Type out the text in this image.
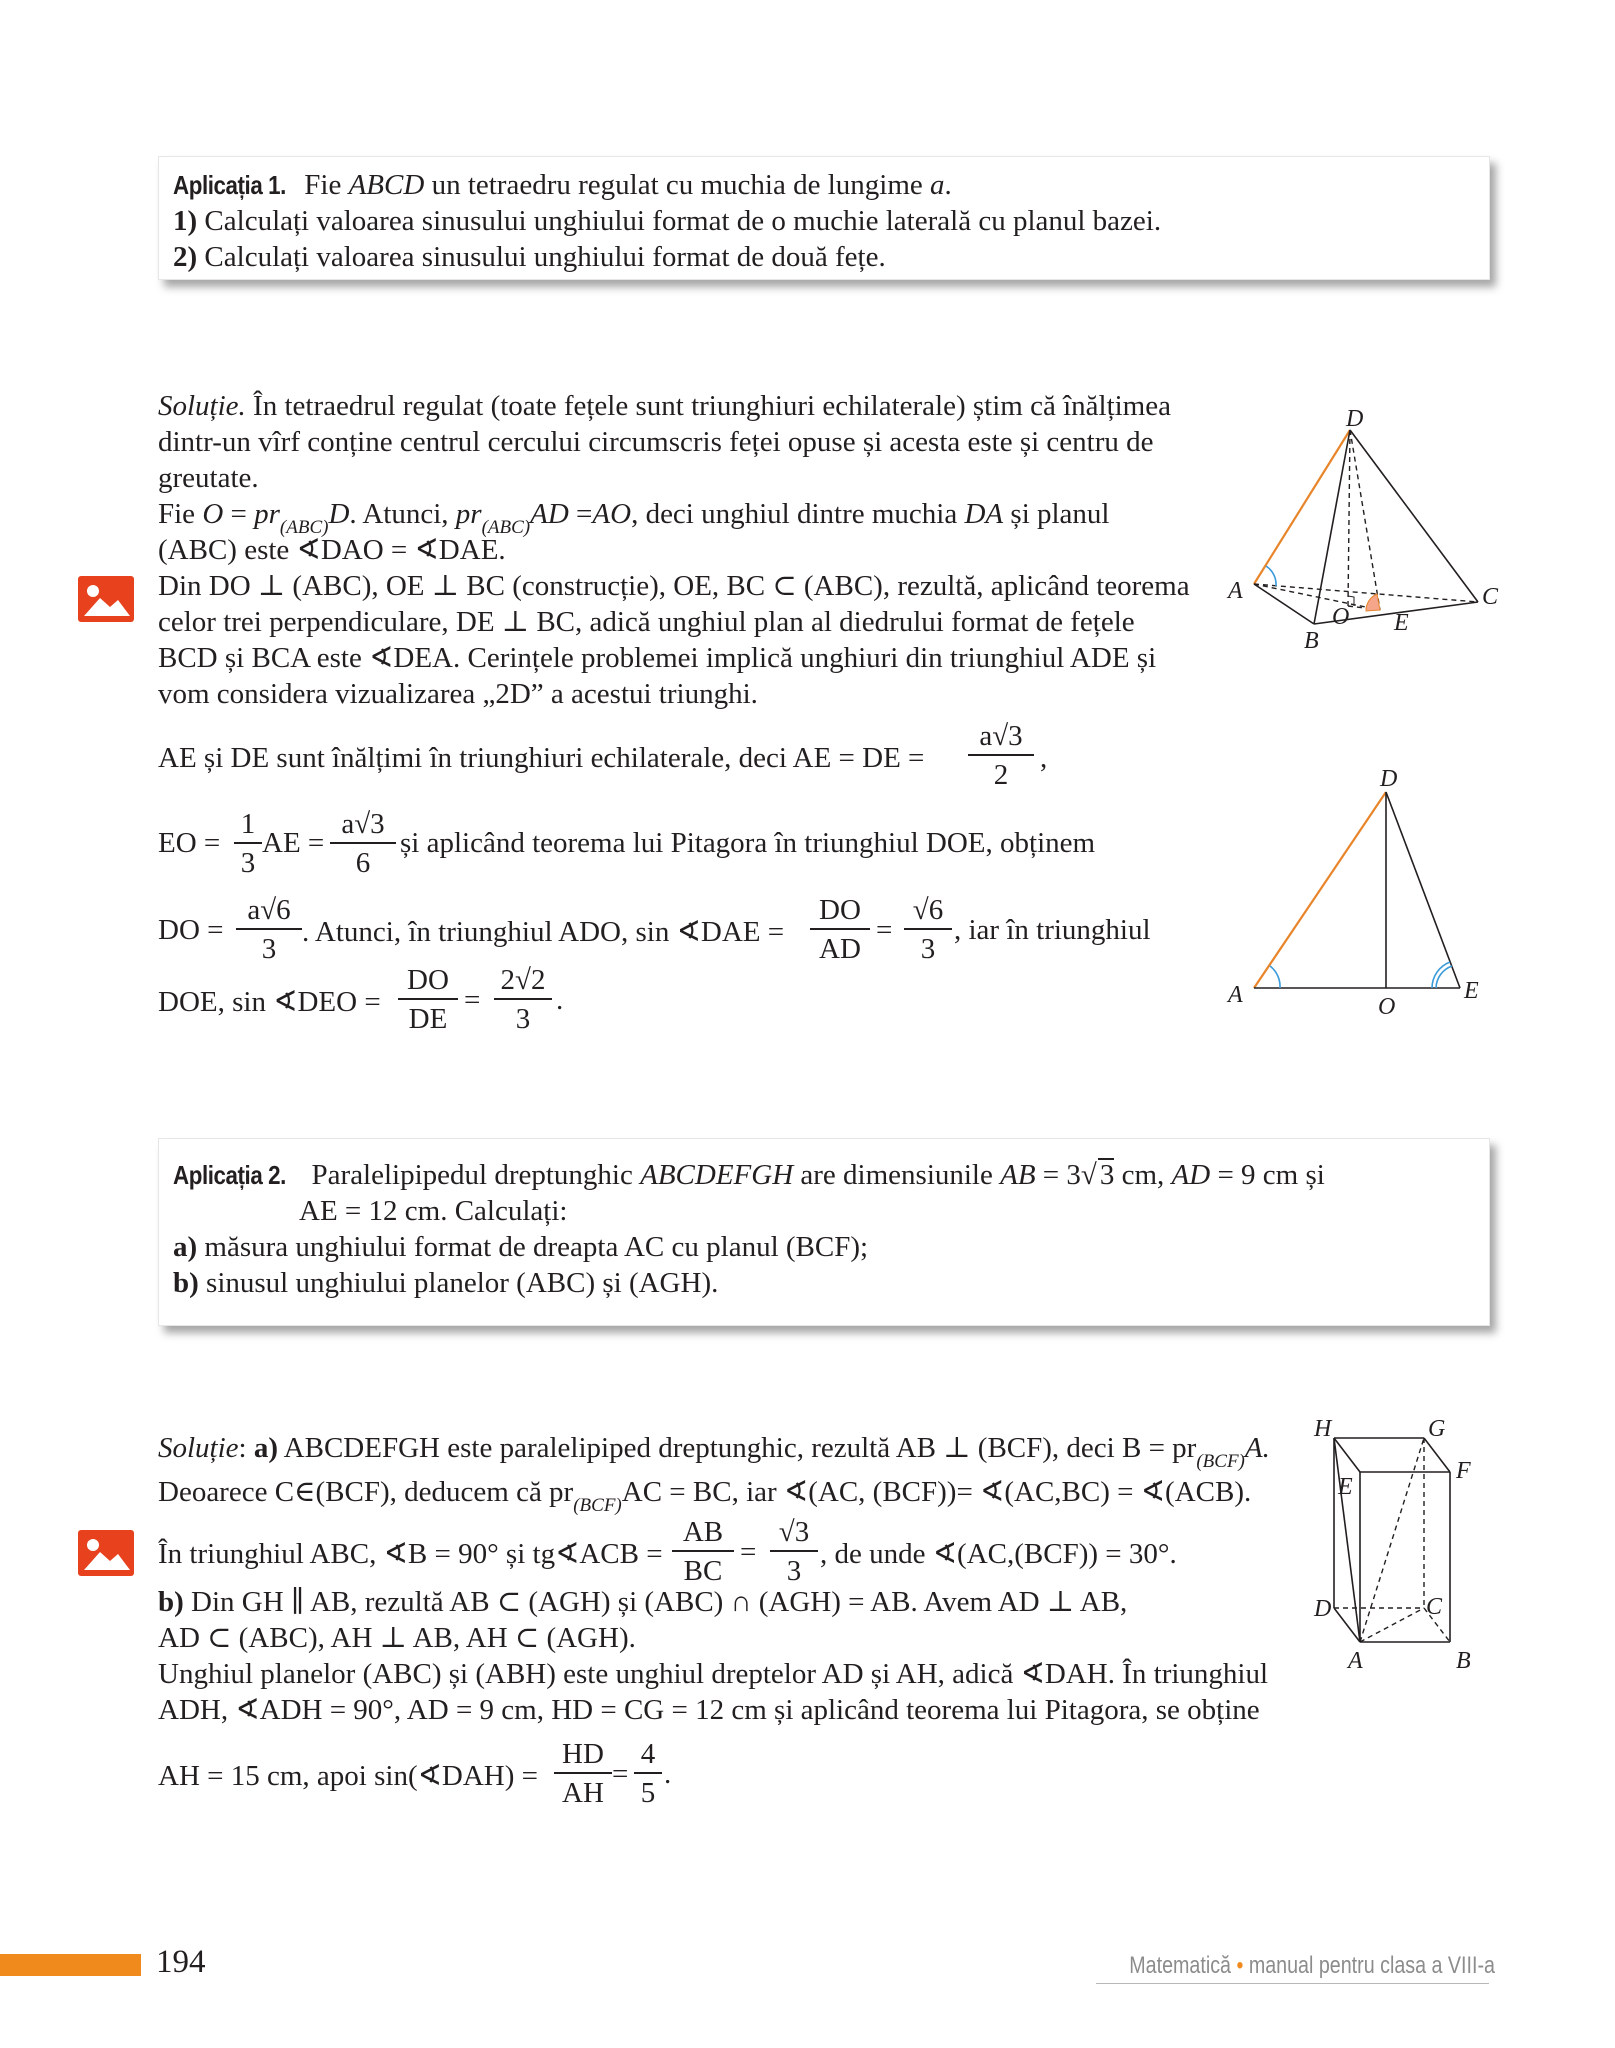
Aplicația 1. Fie ABCD un tetraedru regulat cu muchia de lungime a.
1) Calculați valoarea sinusului unghiului format de o muchie laterală cu planul bazei.
2) Calculați valoarea sinusului unghiului format de două fețe.
Soluție. În tetraedrul regulat (toate fețele sunt triunghiuri echilaterale) știm că înălțimea
dintr-un vîrf conține centrul cercului circumscris feței opuse și acesta este și centru de
greutate.
Fie $O = pr_{(ABC)}D$. Atunci, $pr_{(ABC)}AD =AO$, deci unghiul dintre muchia DA și planul
(ABC) este ∢DAO = ∢DAE.
Din DO ⊥ (ABC), OE ⊥ BC (construcție), OE, BC ⊂ (ABC), rezultă, aplicând teorema
celor trei perpendiculare, DE ⊥ BC, adică unghiul plan al diedrului format de fețele
BCD și BCA este ∢DEA. Cerințele problemei implică unghiuri din triunghiul ADE și
vom considera vizualizarea „2D” a acestui triunghi.
AE și DE sunt înălțimi în triunghiuri echilaterale, deci AE = DE = $\frac{a√3}{2}$ ,
EO = $\frac{1}{3}$ AE = $\frac{a√3}{6}$ și aplicând teorema lui Pitagora în triunghiul DOE, obținem
DO = $\frac{a√6}{3}$ . Atunci, în triunghiul ADO, sin ∢DAE = $\frac{DO}{AD} = \frac{√6}{3}$ , iar în triunghiul
DOE, sin ∢DEO = $\frac{DO}{DE} = \frac{2√2}{3}$ .
D
A	C
B
O E
D
A	O
E
Aplicația 2. Paralelipipedul dreptunghic ABCDEFGH are dimensiunile AB = 3√ 3 cm, AD = 9 cm și
AE = 12 cm. Calculați:
a) măsura unghiului format de dreapta AC cu planul (BCF);
b) sinusul unghiului planelor (ABC) și (AGH).
Soluție: a) ABCDEFGH este paralelipiped dreptunghic, rezultă AB ⊥ (BCF), deci $B = pr_{(BCF)}A$.
Deoarece C∈(BCF), deducem că $pr_{(BCF)}AC$ = BC, iar ∢(AC, (BCF))= ∢(AC,BC) = ∢(ACB).
În triunghiul ABC, ∢B = 90° și tg∢ACB = $\frac{AB}{BC} = \frac{√3}{3}$ , de unde ∢(AC,(BCF)) = 30°.
b) Din GH ∥ AB, rezultă AB ⊂ (AGH) și (ABC) ∩ (AGH) = AB. Avem AD ⊥ AB,
AD ⊂ (ABC), AH ⊥ AB, AH ⊂ (AGH).
Unghiul planelor (ABC) și (ABH) este unghiul dreptelor AD și AH, adică ∢DAH. În triunghiul
ADH, ∢ADH = 90°, AD = 9 cm, HD = CG = 12 cm și aplicând teorema lui Pitagora, se obține
AH = 15 cm, apoi sin(∢DAH) = $\frac{HD}{AH} = \frac{4}{5}$ .
H	G
E
F
D	C
A	B
194	Matematică • manual pentru clasa a VIII-a
